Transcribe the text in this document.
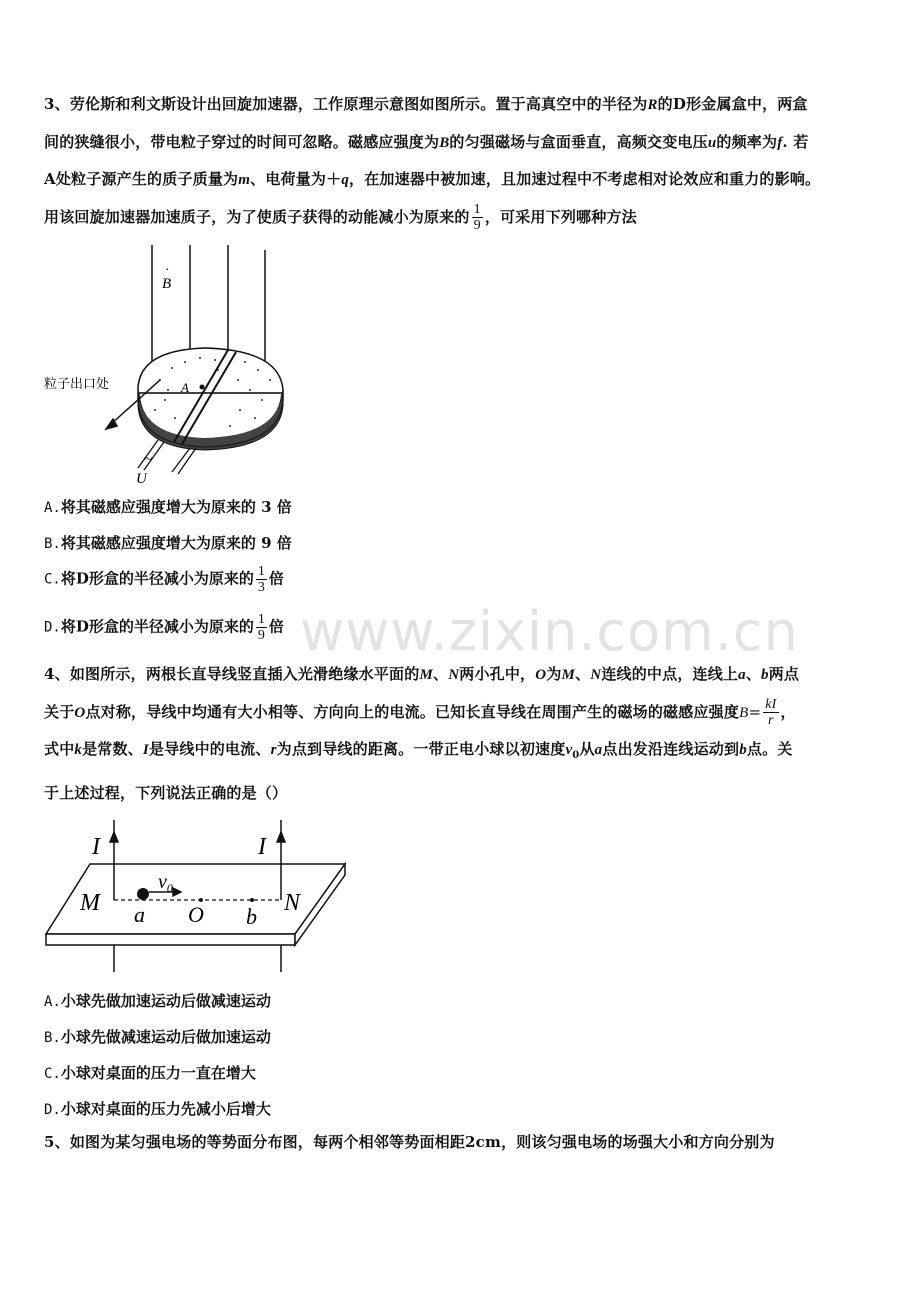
www.zixin.com.cn
3、劳伦斯和利文斯设计出回旋加速器，工作原理示意图如图所示。置于高真空中的半径为R的D形金属盒中，两盒
间的狭缝很小，带电粒子穿过的时间可忽略。磁感应强度为B的匀强磁场与盒面垂直，高频交变电压u的频率为f. 若
A处粒子源产生的质子质量为m、电荷量为＋q，在加速器中被加速，且加速过程中不考虑相对论效应和重力的影响。
用该回旋加速器加速质子，为了使质子获得的动能减小为原来的 $\frac{1}{9}$ ，可采用下列哪种方法
B
·
A
粒子出口处
~
U
A.将其磁感应强度增大为原来的 3 倍
B.将其磁感应强度增大为原来的 9 倍
C.将D形盒的半径减小为原来的 $\frac{1}{3}$ 倍
D.将D形盒的半径减小为原来的 $\frac{1}{9}$ 倍
4、如图所示，两根长直导线竖直插入光滑绝缘水平面的M、N两小孔中，O为M、N连线的中点，连线上a、b两点
关于O点对称，导线中均通有大小相等、方向向上的电流。已知长直导线在周围产生的磁场的磁感应强度$B= \frac{kI}{r}$ ，
式中k是常数、I是导线中的电流、r为点到导线的距离。一带正电小球以初速度$v_0$从a点出发沿连线运动到b点。关
于上述过程，下列说法正确的是（）
I	I
M	N
a O b
$v_0$
A.小球先做加速运动后做减速运动
B.小球先做减速运动后做加速运动
C.小球对桌面的压力一直在增大
D.小球对桌面的压力先减小后增大
5、如图为某匀强电场的等势面分布图，每两个相邻等势面相距2cm，则该匀强电场的场强大小和方向分别为
